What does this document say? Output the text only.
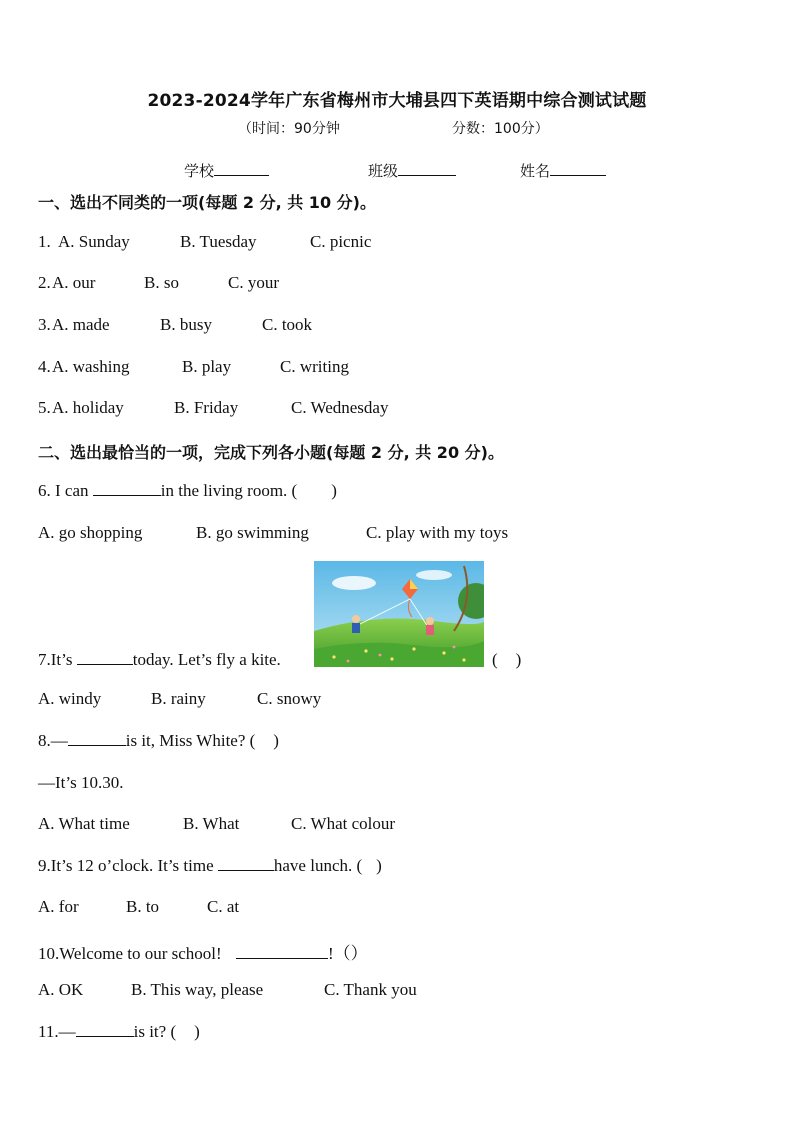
2023-2024学年广东省梅州市大埔县四下英语期中综合测试试题
（时间：90分钟	分数：100分）
学校	班级	姓名
一、选出不同类的一项(每题 2 分, 共 10 分)。
1. A. Sunday	B. Tuesday	C. picnic
2. A. our	B. so	C. your
3. A. made	B. busy	C. took
4. A. washing	B. play	C. writing
5. A. holiday	B. Friday	C. Wednesday
二、选出最恰当的一项，完成下列各小题(每题 2 分, 共 20 分)。
6. I can	in the living room. ( )
A. go shopping	B. go swimming	C. play with my toys
7.It’s	today. Let’s fly a kite.	( )
A. windy	B. rainy	C. snowy
8.—	is it, Miss White? ( )
—It’s 10.30.
A. What time	B. What	C. What colour
9.It’s 12 o’clock. It’s time	have lunch. ( )
A. for	B. to	C. at
10.Welcome to our school!	!（）
A. OK	B. This way, please	C. Thank you
11.—	is it? ( )
